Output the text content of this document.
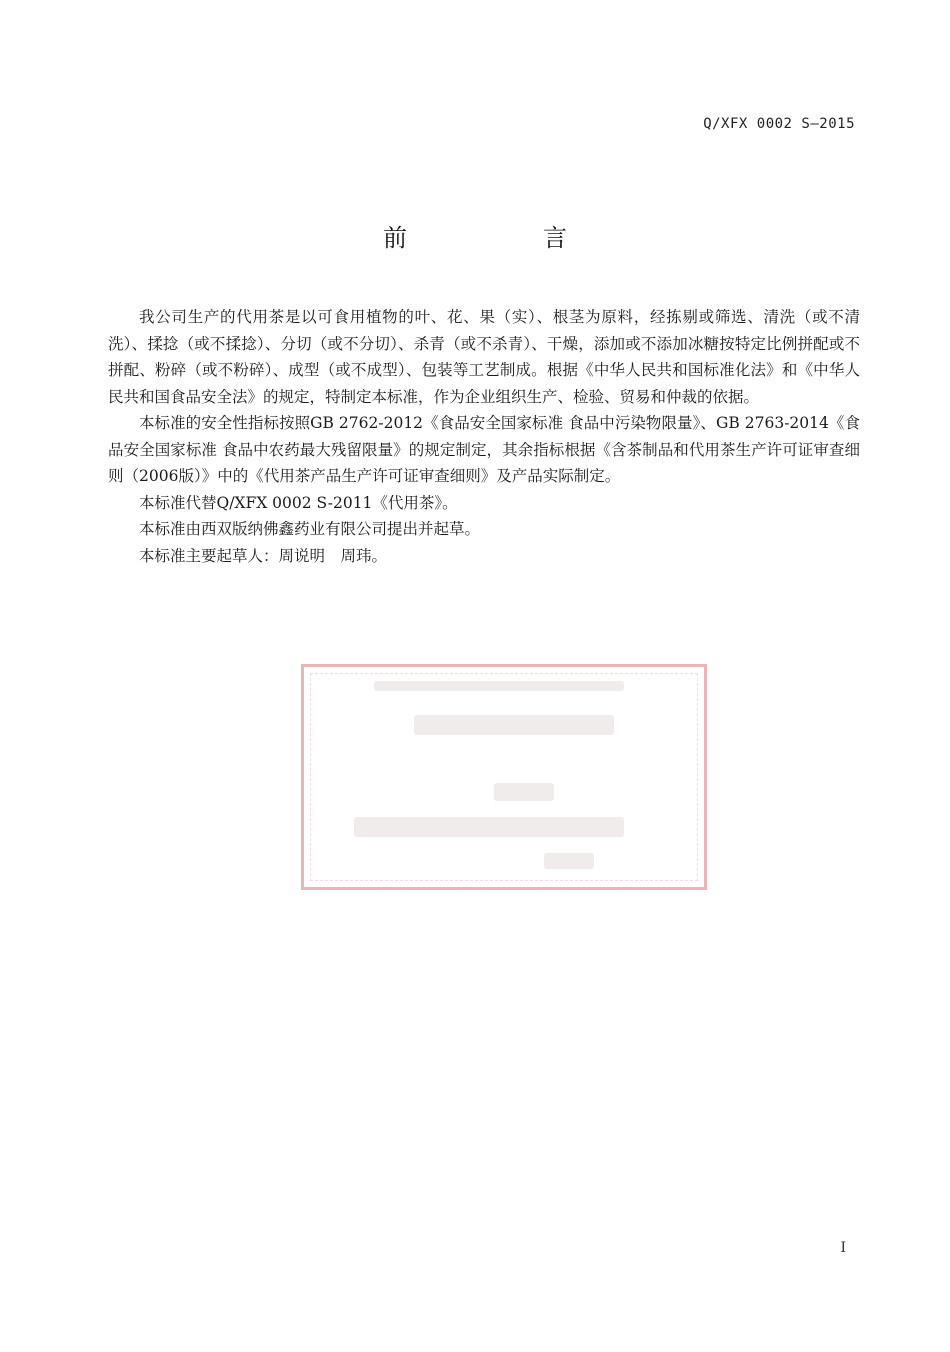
Q/XFX 0002 S—2015
前　言

我公司生产的代用茶是以可食用植物的叶、花、果（实）、根茎为原料，经拣剔或筛选、清洗（或不清洗）、揉捻（或不揉捻）、分切（或不分切）、杀青（或不杀青）、干燥，添加或不添加冰糖按特定比例拼配或不拼配、粉碎（或不粉碎）、成型（或不成型）、包装等工艺制成。根据《中华人民共和国标准化法》和《中华人民共和国食品安全法》的规定，特制定本标准，作为企业组织生产、检验、贸易和仲裁的依据。

本标准的安全性指标按照GB 2762-2012《食品安全国家标准 食品中污染物限量》、GB 2763-2014《食品安全国家标准 食品中农药最大残留限量》的规定制定，其余指标根据《含茶制品和代用茶生产许可证审查细则（2006版）》中的《代用茶产品生产许可证审查细则》及产品实际制定。

本标准代替Q/XFX 0002 S-2011《代用茶》。

本标准由西双版纳佛鑫药业有限公司提出并起草。

本标准主要起草人：周说明　周玮。

I
